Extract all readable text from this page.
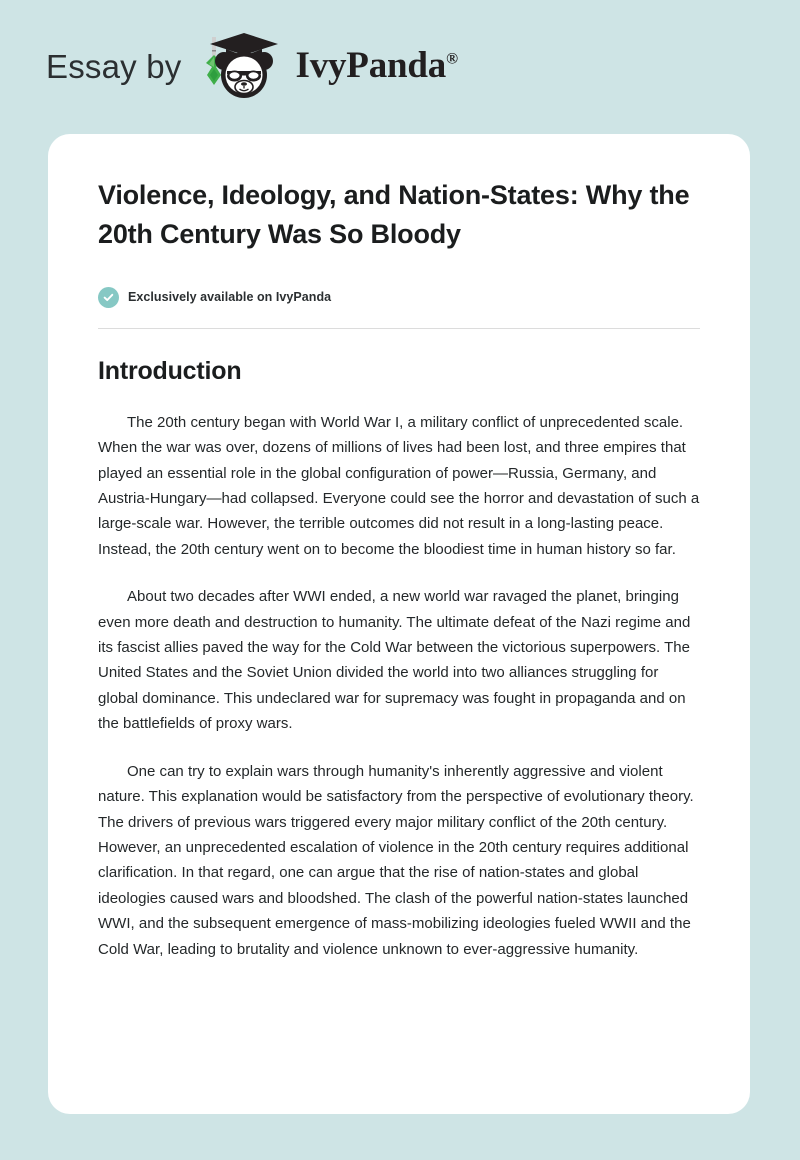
Essay by	IvyPanda®
Violence, Ideology, and Nation-States: Why the 20th Century Was So Bloody
Exclusively available on IvyPanda
Introduction

The 20th century began with World War I, a military conflict of unprecedented scale. When the war was over, dozens of millions of lives had been lost, and three empires that played an essential role in the global configuration of power—Russia, Germany, and Austria-Hungary—had collapsed. Everyone could see the horror and devastation of such a large-scale war. However, the terrible outcomes did not result in a long-lasting peace. Instead, the 20th century went on to become the bloodiest time in human history so far.

About two decades after WWI ended, a new world war ravaged the planet, bringing even more death and destruction to humanity. The ultimate defeat of the Nazi regime and its fascist allies paved the way for the Cold War between the victorious superpowers. The United States and the Soviet Union divided the world into two alliances struggling for global dominance. This undeclared war for supremacy was fought in propaganda and on the battlefields of proxy wars.

One can try to explain wars through humanity's inherently aggressive and violent nature. This explanation would be satisfactory from the perspective of evolutionary theory. The drivers of previous wars triggered every major military conflict of the 20th century. However, an unprecedented escalation of violence in the 20th century requires additional clarification. In that regard, one can argue that the rise of nation-states and global ideologies caused wars and bloodshed. The clash of the powerful nation-states launched WWI, and the subsequent emergence of mass-mobilizing ideologies fueled WWII and the Cold War, leading to brutality and violence unknown to ever-aggressive humanity.
